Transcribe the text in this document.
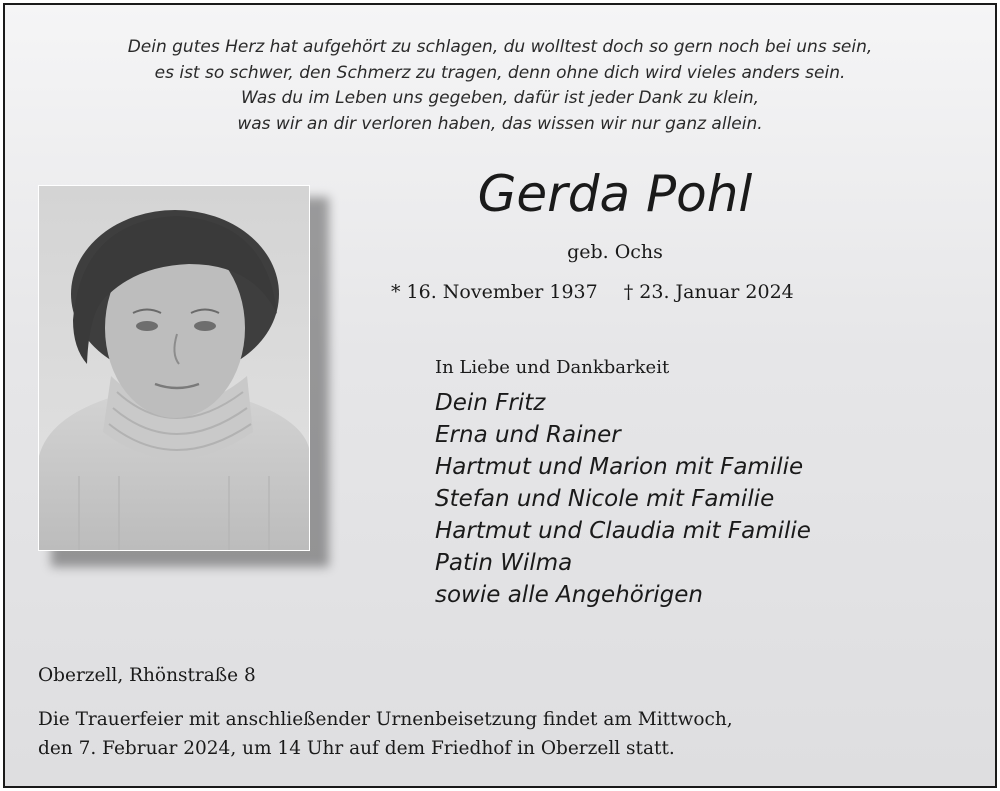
Dein gutes Herz hat aufgehört zu schlagen, du wolltest doch so gern noch bei uns sein,
es ist so schwer, den Schmerz zu tragen, denn ohne dich wird vieles anders sein.
Was du im Leben uns gegeben, dafür ist jeder Dank zu klein,
was wir an dir verloren haben, das wissen wir nur ganz allein.
Gerda Pohl
geb. Ochs
* 16. November 1937 † 23. Januar 2024
In Liebe und Dankbarkeit
Dein Fritz
Erna und Rainer
Hartmut und Marion mit Familie
Stefan und Nicole mit Familie
Hartmut und Claudia mit Familie
Patin Wilma
sowie alle Angehörigen
Oberzell, Rhönstraße 8
Die Trauerfeier mit anschließender Urnenbeisetzung findet am Mittwoch,
den 7. Februar 2024, um 14 Uhr auf dem Friedhof in Oberzell statt.
